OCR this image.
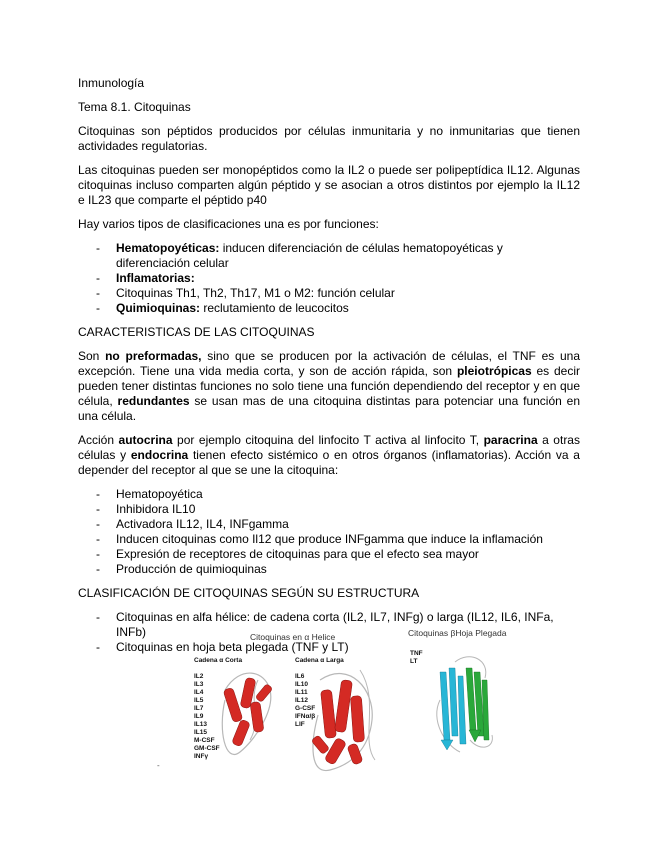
Inmunología

Tema 8.1. Citoquinas

Citoquinas son péptidos producidos por células inmunitaria y no inmunitarias que tienen actividades regulatorias.

Las citoquinas pueden ser monopéptidos como la IL2 o puede ser polipeptídica IL12. Algunas citoquinas incluso comparten algún péptido y se asocian a otros distintos por ejemplo la IL12 e IL23 que comparte el péptido p40

Hay varios tipos de clasificaciones una es por funciones:

- Hematopoyéticas: inducen diferenciación de células hematopoyéticas y diferenciación celular
- Inflamatorias:
- Citoquinas Th1, Th2, Th17, M1 o M2: función celular
- Quimioquinas: reclutamiento de leucocitos

CARACTERISTICAS DE LAS CITOQUINAS

Son no preformadas, sino que se producen por la activación de células, el TNF es una excepción. Tiene una vida media corta, y son de acción rápida, son pleiotrópicas es decir pueden tener distintas funciones no solo tiene una función dependiendo del receptor y en que célula, redundantes se usan mas de una citoquina distintas para potenciar una función en una célula.

Acción autocrina por ejemplo citoquina del linfocito T activa al linfocito T, paracrina a otras células y endocrina tienen efecto sistémico o en otros órganos (inflamatorias). Acción va a depender del receptor al que se une la citoquina:

- Hematopoyética
- Inhibidora IL10
- Activadora IL12, IL4, INFgamma
- Inducen citoquinas como Il12 que produce INFgamma que induce la inflamación
- Expresión de receptores de citoquinas para que el efecto sea mayor
- Producción de quimioquinas

CLASIFICACIÓN DE CITOQUINAS SEGÚN SU ESTRUCTURA

- Citoquinas en alfa hélice: de cadena corta (IL2, IL7, INFg) o larga (IL12, IL6, INFa, INFb)
- Citoquinas en hoja beta plegada (TNF y LT)
Citoquinas en α Helice	Citoquinas βHoja Plegada
Cadena α Corta	Cadena α Larga
IL2
IL3
IL4
IL5
IL7
IL9
IL13
IL15
M-CSF
GM-CSF
INFγ
IL6
IL10
IL11
IL12
G-CSF
IFNα/β
LIF
TNF
LT
-
